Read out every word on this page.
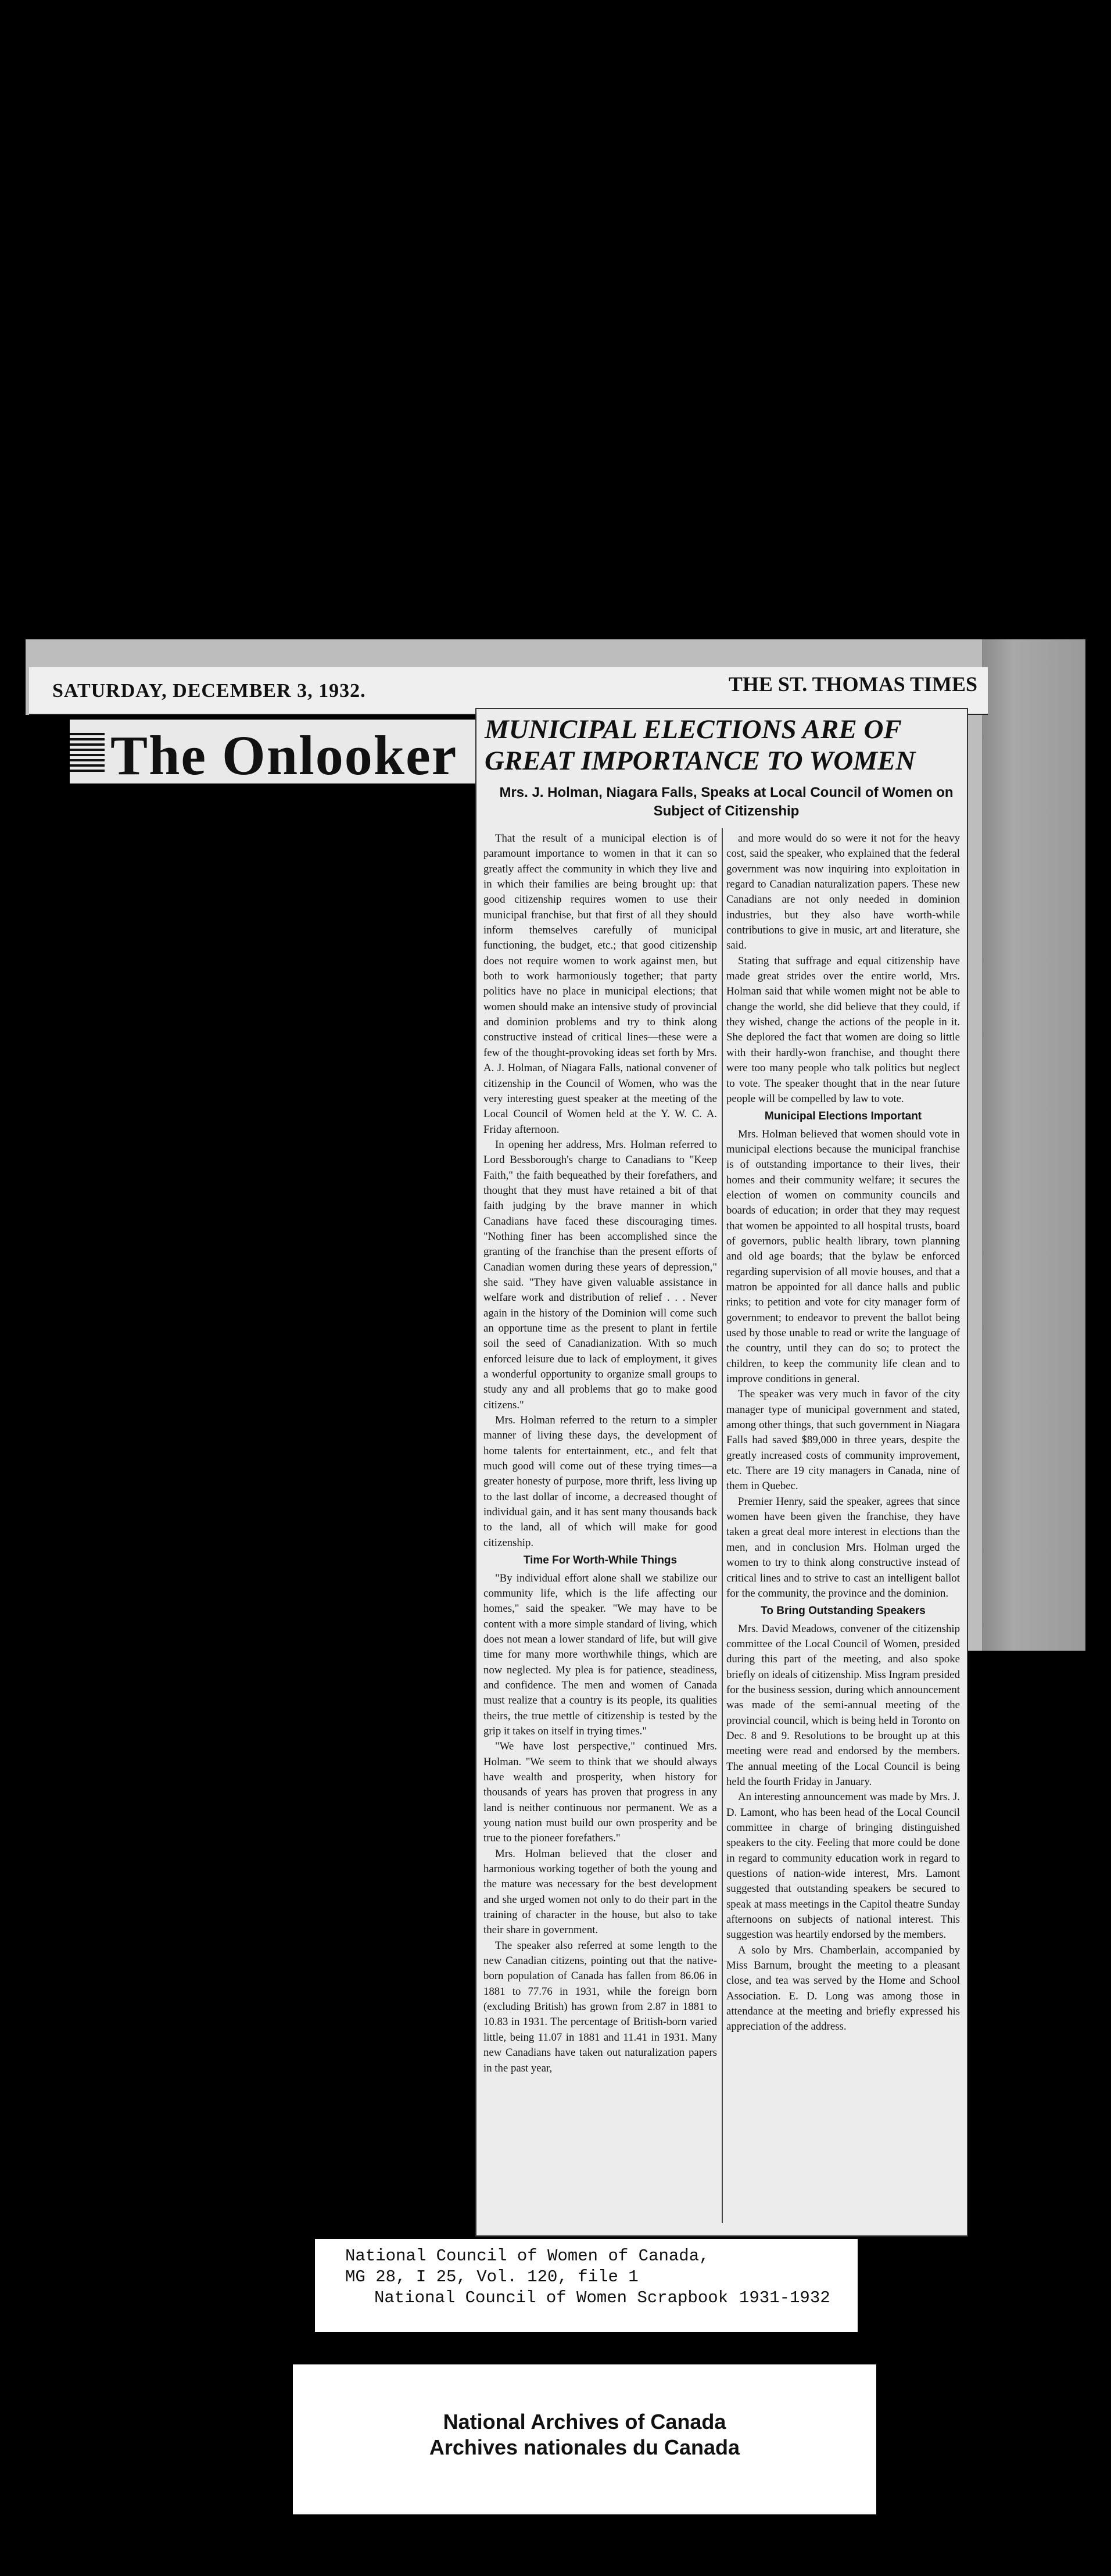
SATURDAY, DECEMBER 3, 1932.	THE ST. THOMAS TIMES
The Onlooker MUNICIPAL ELECTIONS ARE OF GREAT IMPORTANCE TO WOMEN
Mrs. J. Holman, Niagara Falls, Speaks at Local Council of Women on Subject of Citizenship

That the result of a municipal election is of paramount importance to women in that it can so greatly affect the community in which they live and in which their families are being brought up: that good citizenship requires women to use their municipal franchise, but that first of all they should inform themselves carefully of municipal functioning, the budget, etc.; that good citizenship does not require women to work against men, but both to work harmoniously together; that party politics have no place in municipal elections; that women should make an intensive study of provincial and dominion problems and try to think along constructive instead of critical lines—these were a few of the thought-provoking ideas set forth by Mrs. A. J. Holman, of Niagara Falls, national convener of citizenship in the Council of Women, who was the very interesting guest speaker at the meeting of the Local Council of Women held at the Y. W. C. A. Friday afternoon.

In opening her address, Mrs. Holman referred to Lord Bessborough's charge to Canadians to "Keep Faith," the faith bequeathed by their forefathers, and thought that they must have retained a bit of that faith judging by the brave manner in which Canadians have faced these discouraging times. "Nothing finer has been accomplished since the granting of the franchise than the present efforts of Canadian women during these years of depression," she said. "They have given valuable assistance in welfare work and distribution of relief . . . Never again in the history of the Dominion will come such an opportune time as the present to plant in fertile soil the seed of Canadianization. With so much enforced leisure due to lack of employment, it gives a wonderful opportunity to organize small groups to study any and all problems that go to make good citizens."

Mrs. Holman referred to the return to a simpler manner of living these days, the development of home talents for entertainment, etc., and felt that much good will come out of these trying times—a greater honesty of purpose, more thrift, less living up to the last dollar of income, a decreased thought of individual gain, and it has sent many thousands back to the land, all of which will make for good citizenship.

Time For Worth-While Things

"By individual effort alone shall we stabilize our community life, which is the life affecting our homes," said the speaker. "We may have to be content with a more simple standard of living, which does not mean a lower standard of life, but will give time for many more worthwhile things, which are now neglected. My plea is for patience, steadiness, and confidence. The men and women of Canada must realize that a country is its people, its qualities theirs, the true mettle of citizenship is tested by the grip it takes on itself in trying times."

"We have lost perspective," continued Mrs. Holman. "We seem to think that we should always have wealth and prosperity, when history for thousands of years has proven that progress in any land is neither continuous nor permanent. We as a young nation must build our own prosperity and be true to the pioneer forefathers."

Mrs. Holman believed that the closer and harmonious working together of both the young and the mature was necessary for the best development and she urged women not only to do their part in the training of character in the house, but also to take their share in government.

The speaker also referred at some length to the new Canadian citizens, pointing out that the native-born population of Canada has fallen from 86.06 in 1881 to 77.76 in 1931, while the foreign born (excluding British) has grown from 2.87 in 1881 to 10.83 in 1931. The percentage of British-born varied little, being 11.07 in 1881 and 11.41 in 1931. Many new Canadians have taken out naturalization papers in the past year,

and more would do so were it not for the heavy cost, said the speaker, who explained that the federal government was now inquiring into exploitation in regard to Canadian naturalization papers. These new Canadians are not only needed in dominion industries, but they also have worth-while contributions to give in music, art and literature, she said.

Stating that suffrage and equal citizenship have made great strides over the entire world, Mrs. Holman said that while women might not be able to change the world, she did believe that they could, if they wished, change the actions of the people in it. She deplored the fact that women are doing so little with their hardly-won franchise, and thought there were too many people who talk politics but neglect to vote. The speaker thought that in the near future people will be compelled by law to vote.

Municipal Elections Important

Mrs. Holman believed that women should vote in municipal elections because the municipal franchise is of outstanding importance to their lives, their homes and their community welfare; it secures the election of women on community councils and boards of education; in order that they may request that women be appointed to all hospital trusts, board of governors, public health library, town planning and old age boards; that the bylaw be enforced regarding supervision of all movie houses, and that a matron be appointed for all dance halls and public rinks; to petition and vote for city manager form of government; to endeavor to prevent the ballot being used by those unable to read or write the language of the country, until they can do so; to protect the children, to keep the community life clean and to improve conditions in general.

The speaker was very much in favor of the city manager type of municipal government and stated, among other things, that such government in Niagara Falls had saved $89,000 in three years, despite the greatly increased costs of community improvement, etc. There are 19 city managers in Canada, nine of them in Quebec.

Premier Henry, said the speaker, agrees that since women have been given the franchise, they have taken a great deal more interest in elections than the men, and in conclusion Mrs. Holman urged the women to try to think along constructive instead of critical lines and to strive to cast an intelligent ballot for the community, the province and the dominion.

To Bring Outstanding Speakers

Mrs. David Meadows, convener of the citizenship committee of the Local Council of Women, presided during this part of the meeting, and also spoke briefly on ideals of citizenship. Miss Ingram presided for the business session, during which announcement was made of the semi-annual meeting of the provincial council, which is being held in Toronto on Dec. 8 and 9. Resolutions to be brought up at this meeting were read and endorsed by the members. The annual meeting of the Local Council is being held the fourth Friday in January.

An interesting announcement was made by Mrs. J. D. Lamont, who has been head of the Local Council committee in charge of bringing distinguished speakers to the city. Feeling that more could be done in regard to community education work in regard to questions of nation-wide interest, Mrs. Lamont suggested that outstanding speakers be secured to speak at mass meetings in the Capitol theatre Sunday afternoons on subjects of national interest. This suggestion was heartily endorsed by the members.

A solo by Mrs. Chamberlain, accompanied by Miss Barnum, brought the meeting to a pleasant close, and tea was served by the Home and School Association. E. D. Long was among those in attendance at the meeting and briefly expressed his appreciation of the address.

National Council of Women of Canada,
MG 28, I 25, Vol. 120, file 1
National Council of Women Scrapbook 1931-1932
National Archives of Canada
Archives nationales du Canada
